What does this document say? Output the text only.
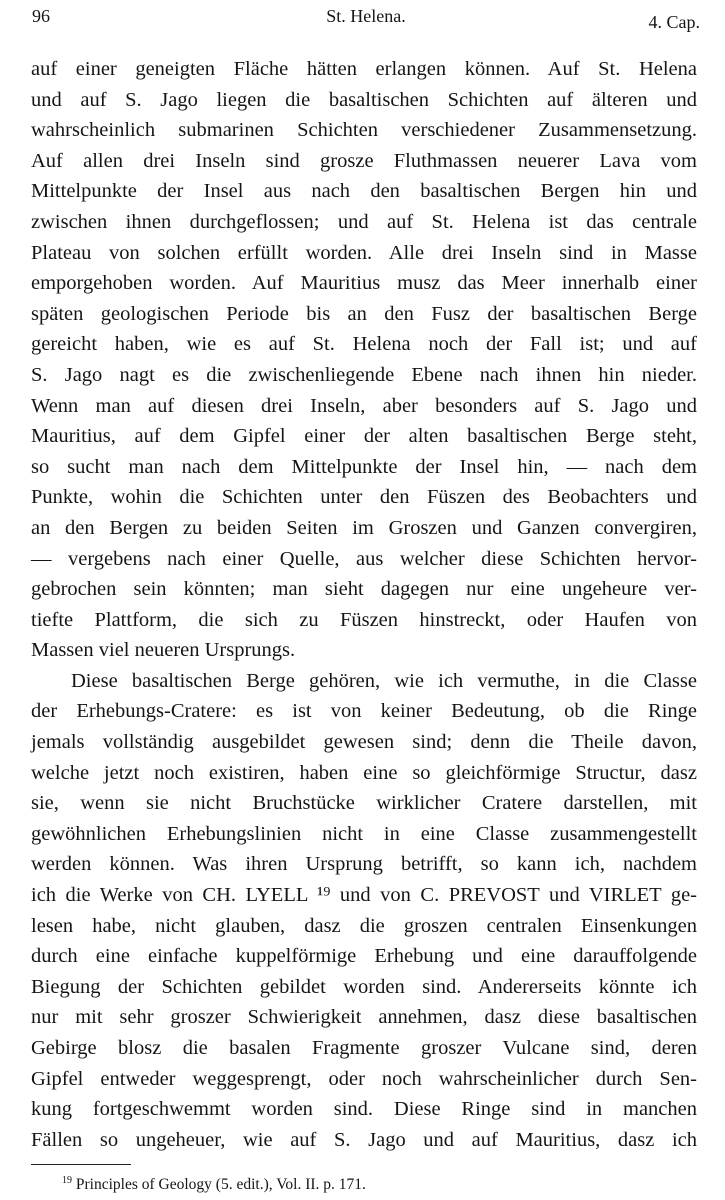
96	St. Helena.	4. Cap.
auf einer geneigten Fläche hätten erlangen können. Auf St. Helena
und auf S. Jago liegen die basaltischen Schichten auf älteren und
wahrscheinlich submarinen Schichten verschiedener Zusammensetzung.
Auf allen drei Inseln sind grosze Fluthmassen neuerer Lava vom
Mittelpunkte der Insel aus nach den basaltischen Bergen hin und
zwischen ihnen durchgeflossen; und auf St. Helena ist das centrale
Plateau von solchen erfüllt worden. Alle drei Inseln sind in Masse
emporgehoben worden. Auf Mauritius musz das Meer innerhalb einer
späten geologischen Periode bis an den Fusz der basaltischen Berge
gereicht haben, wie es auf St. Helena noch der Fall ist; und auf
S. Jago nagt es die zwischenliegende Ebene nach ihnen hin nieder.
Wenn man auf diesen drei Inseln, aber besonders auf S. Jago und
Mauritius, auf dem Gipfel einer der alten basaltischen Berge steht,
so sucht man nach dem Mittelpunkte der Insel hin, — nach dem
Punkte, wohin die Schichten unter den Füszen des Beobachters und
an den Bergen zu beiden Seiten im Groszen und Ganzen convergiren,
— vergebens nach einer Quelle, aus welcher diese Schichten hervor-
gebrochen sein könnten; man sieht dagegen nur eine ungeheure ver-
tiefte Plattform, die sich zu Füszen hinstreckt, oder Haufen von
Massen viel neueren Ursprungs.
Diese basaltischen Berge gehören, wie ich vermuthe, in die Classe
der Erhebungs-Cratere: es ist von keiner Bedeutung, ob die Ringe
jemals vollständig ausgebildet gewesen sind; denn die Theile davon,
welche jetzt noch existiren, haben eine so gleichförmige Structur, dasz
sie, wenn sie nicht Bruchstücke wirklicher Cratere darstellen, mit
gewöhnlichen Erhebungslinien nicht in eine Classe zusammengestellt
werden können. Was ihren Ursprung betrifft, so kann ich, nachdem
ich die Werke von CH. LYELL ¹⁹ und von C. PREVOST und VIRLET ge-
lesen habe, nicht glauben, dasz die groszen centralen Einsenkungen
durch eine einfache kuppelförmige Erhebung und eine darauffolgende
Biegung der Schichten gebildet worden sind. Andererseits könnte ich
nur mit sehr groszer Schwierigkeit annehmen, dasz diese basaltischen
Gebirge blosz die basalen Fragmente groszer Vulcane sind, deren
Gipfel entweder weggesprengt, oder noch wahrscheinlicher durch Sen-
kung fortgeschwemmt worden sind. Diese Ringe sind in manchen
Fällen so ungeheuer, wie auf S. Jago und auf Mauritius, dasz ich
$^{19}$ Principles of Geology (5. edit.), Vol. II. p. 171.
